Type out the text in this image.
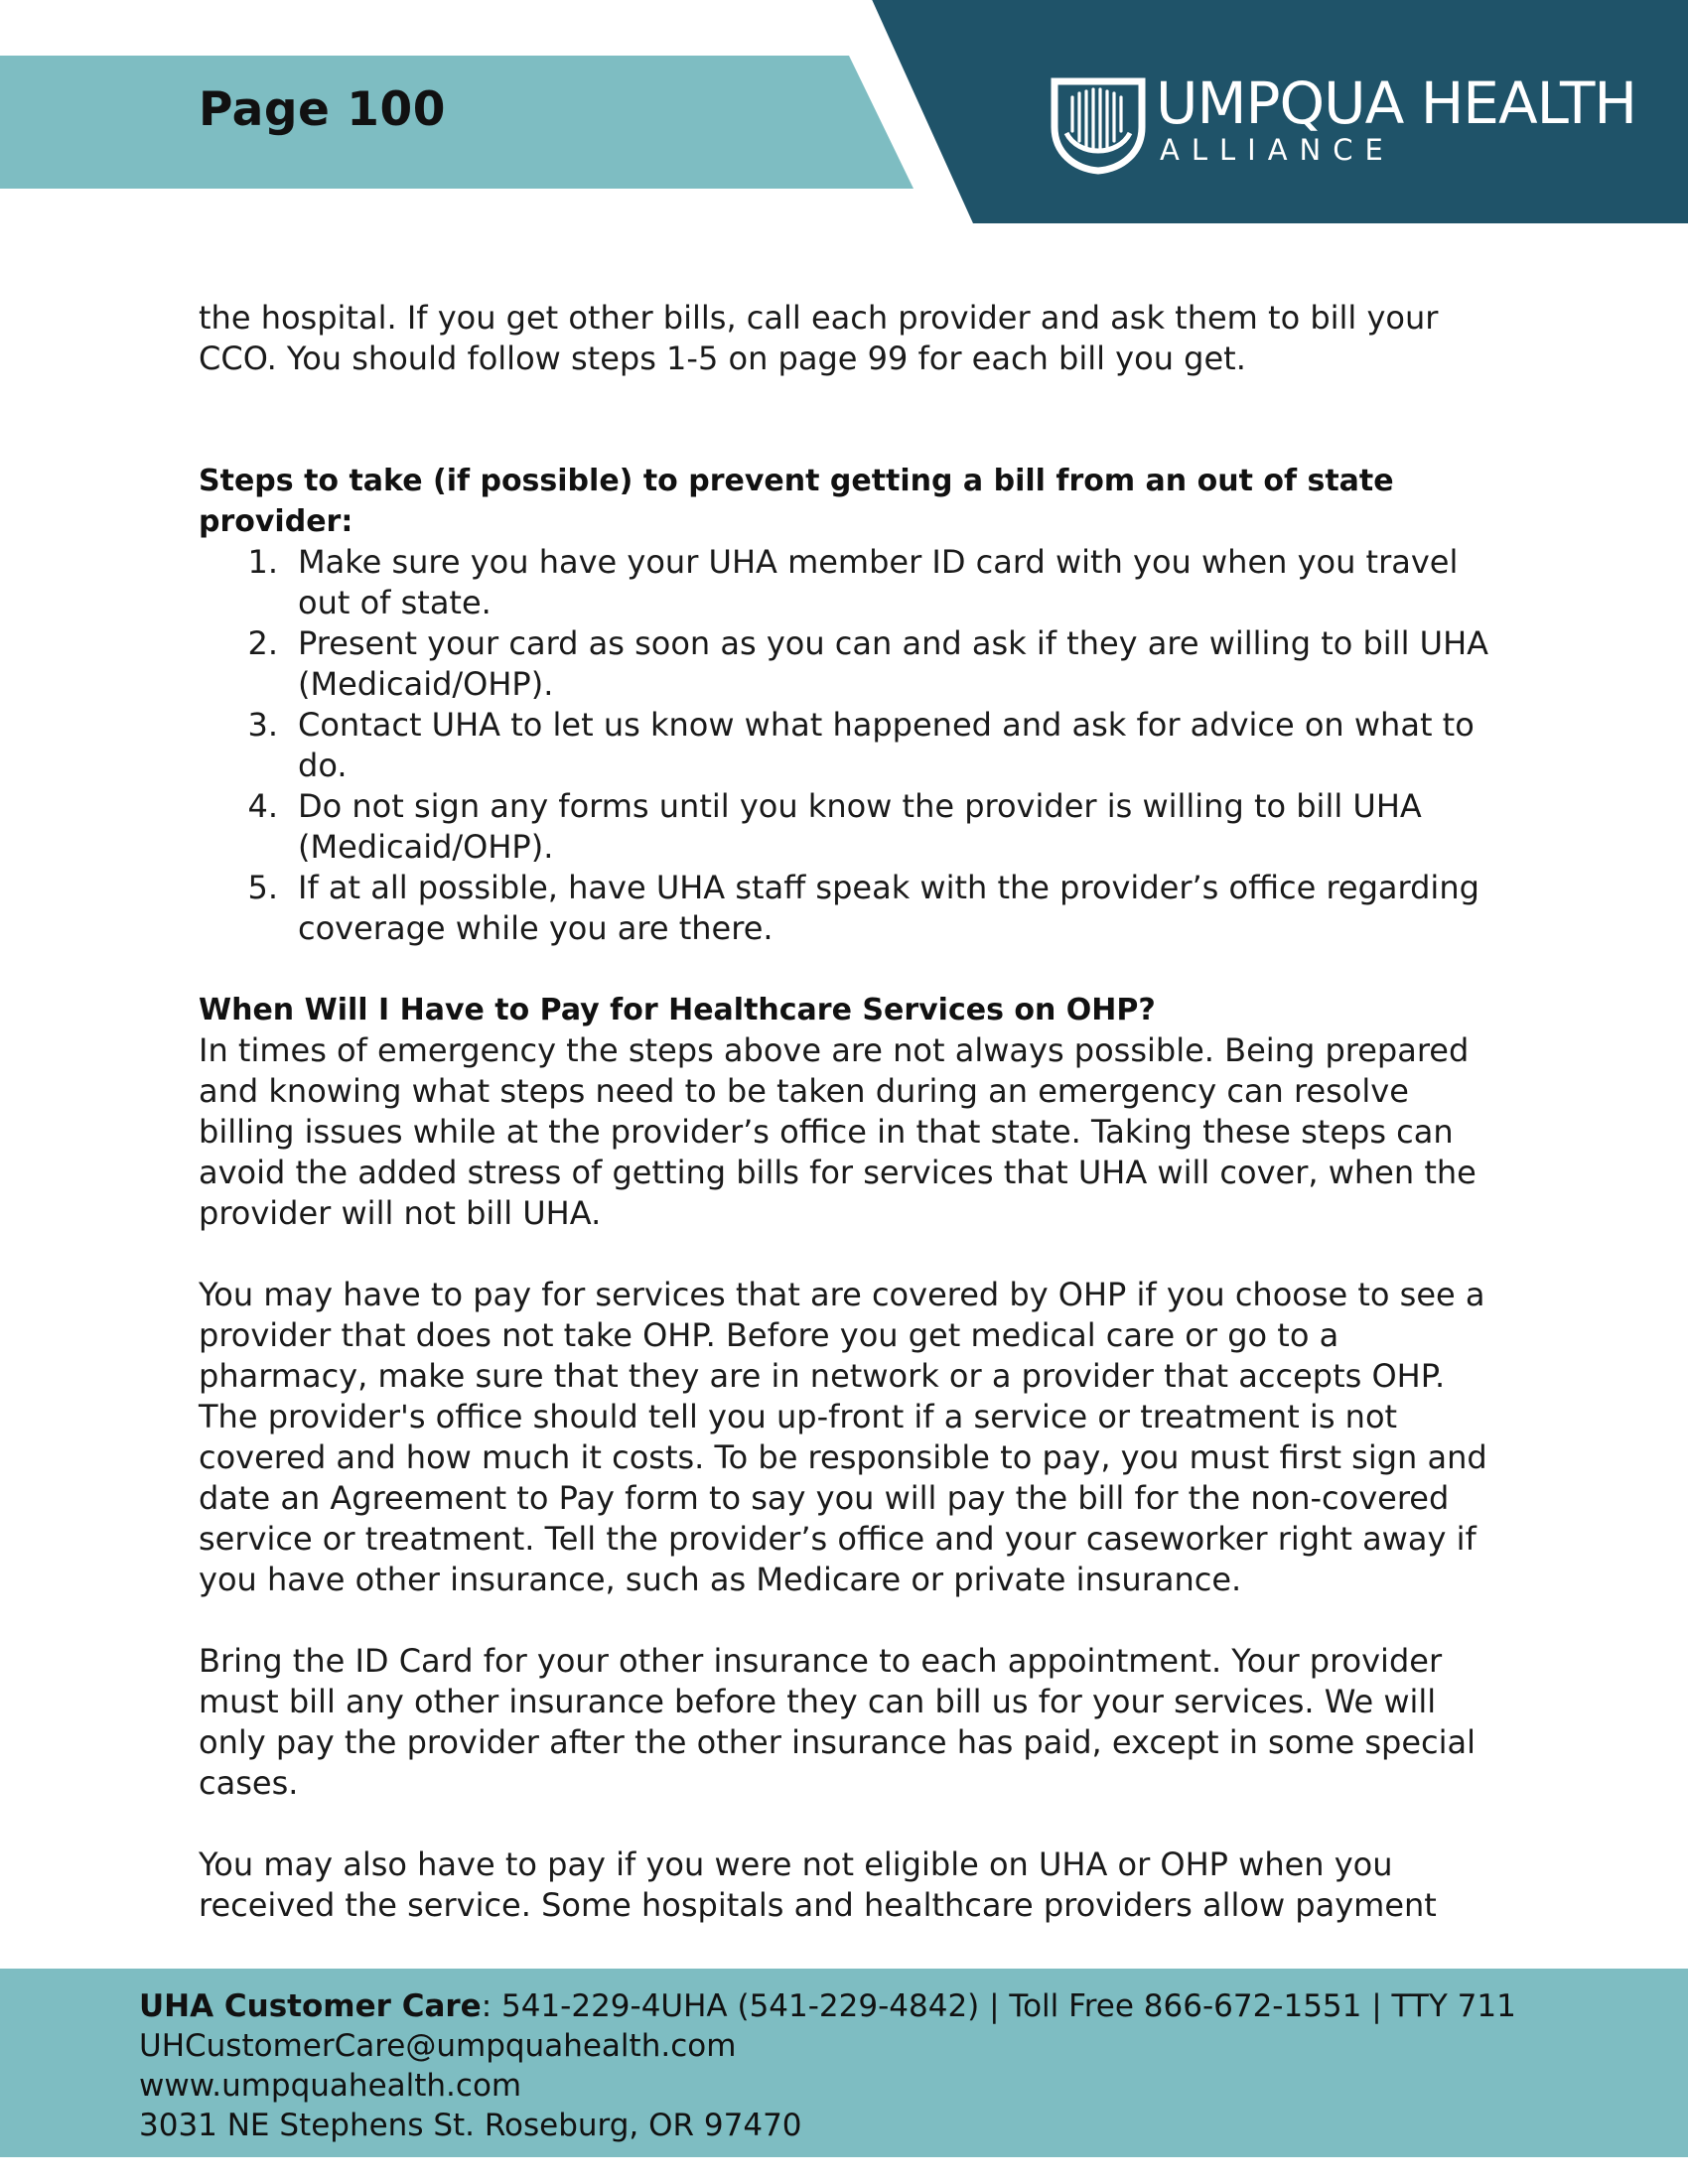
Page 100	UMPQUA HEALTH
ALLIANCE

the hospital. If you get other bills, call each provider and ask them to bill your CCO. You should follow steps 1-5 on page 99 for each bill you get.

Steps to take (if possible) to prevent getting a bill from an out of state provider:

1. Make sure you have your UHA member ID card with you when you travel out of state.
2. Present your card as soon as you can and ask if they are willing to bill UHA (Medicaid/OHP).
3. Contact UHA to let us know what happened and ask for advice on what to do.
4. Do not sign any forms until you know the provider is willing to bill UHA (Medicaid/OHP).
5. If at all possible, have UHA staff speak with the provider’s office regarding coverage while you are there.

When Will I Have to Pay for Healthcare Services on OHP?

In times of emergency the steps above are not always possible. Being prepared and knowing what steps need to be taken during an emergency can resolve billing issues while at the provider’s office in that state. Taking these steps can avoid the added stress of getting bills for services that UHA will cover, when the provider will not bill UHA.

You may have to pay for services that are covered by OHP if you choose to see a provider that does not take OHP. Before you get medical care or go to a pharmacy, make sure that they are in network or a provider that accepts OHP. The provider's office should tell you up-front if a service or treatment is not covered and how much it costs. To be responsible to pay, you must first sign and date an Agreement to Pay form to say you will pay the bill for the non-covered service or treatment. Tell the provider’s office and your caseworker right away if you have other insurance, such as Medicare or private insurance.

Bring the ID Card for your other insurance to each appointment. Your provider must bill any other insurance before they can bill us for your services. We will only pay the provider after the other insurance has paid, except in some special cases.

You may also have to pay if you were not eligible on UHA or OHP when you received the service. Some hospitals and healthcare providers allow payment

UHA Customer Care: 541-229-4UHA (541-229-4842) | Toll Free 866-672-1551 | TTY 711
UHCustomerCare@umpquahealth.com
www.umpquahealth.com
3031 NE Stephens St. Roseburg, OR 97470
